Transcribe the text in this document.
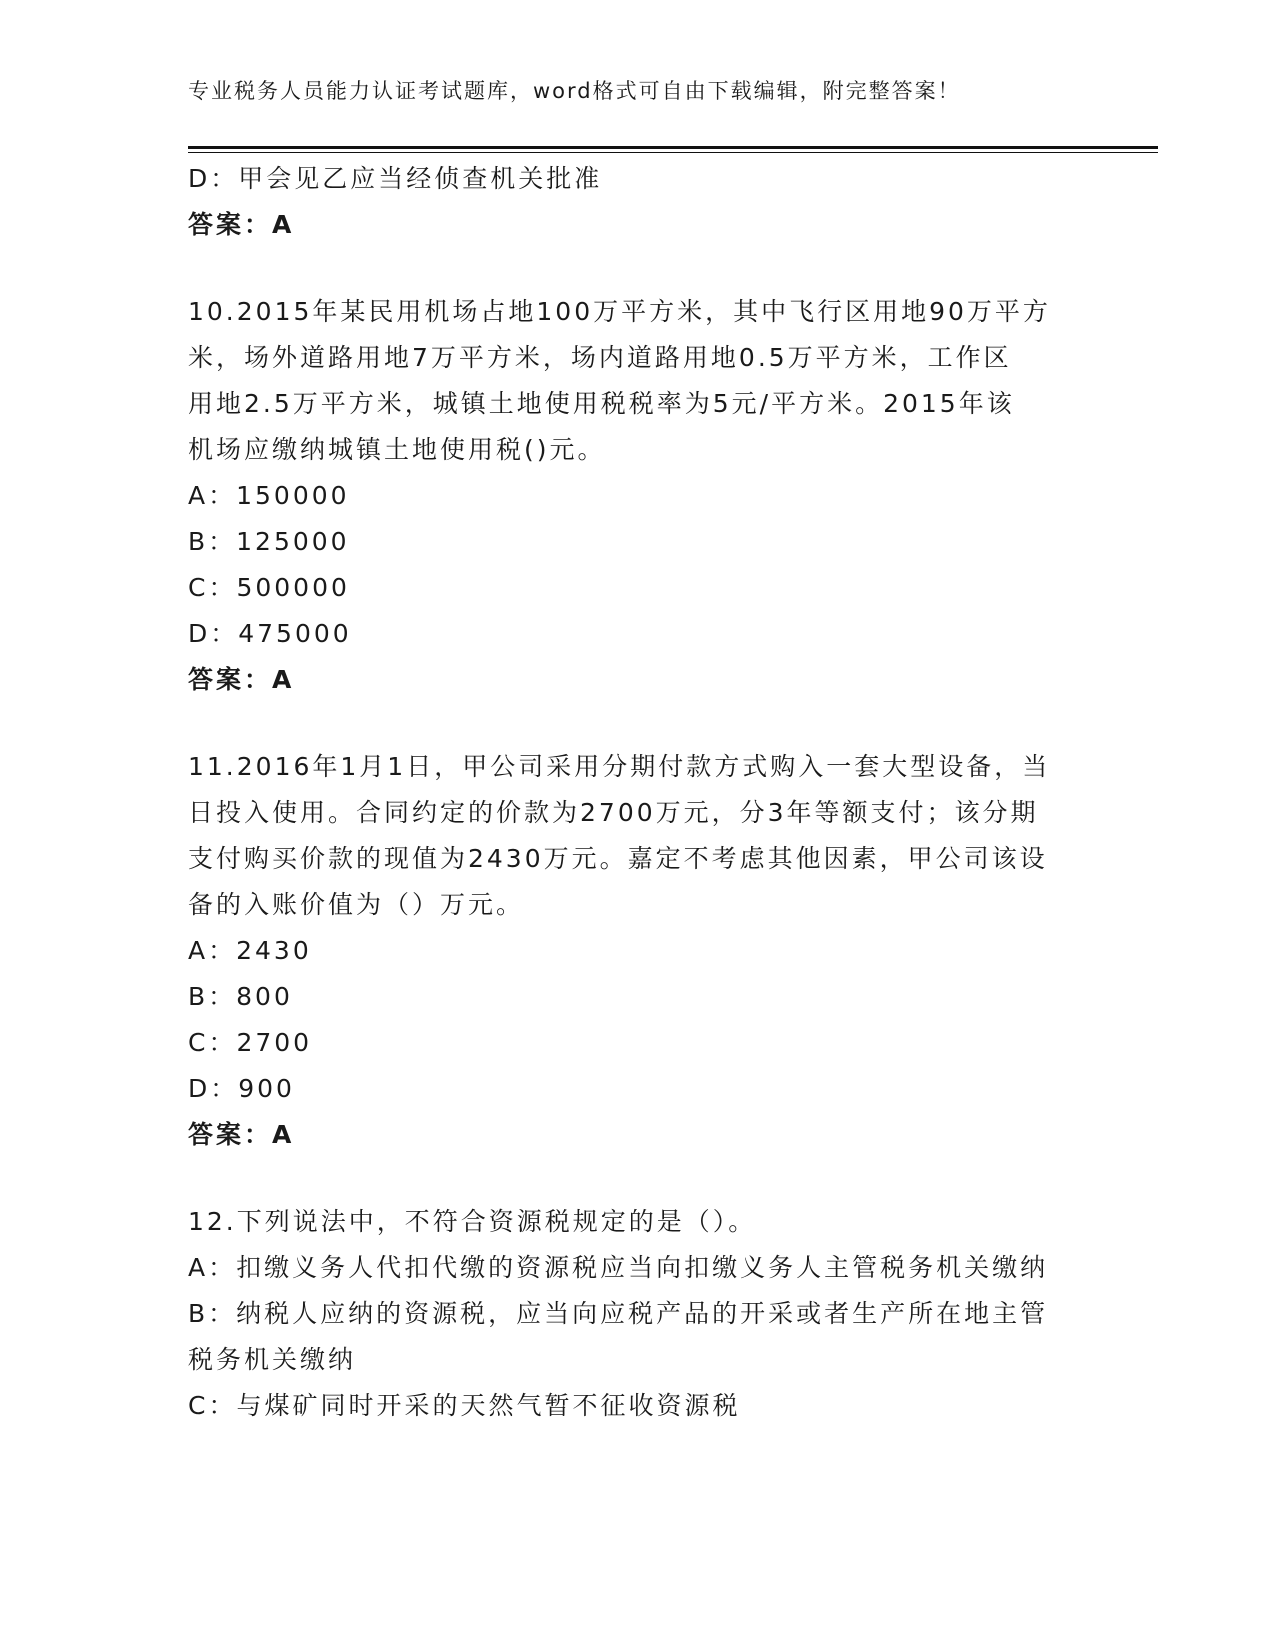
专业税务人员能力认证考试题库，word格式可自由下载编辑，附完整答案！
D：甲会见乙应当经侦查机关批准
答案：A
10.2015年某民用机场占地100万平方米，其中飞行区用地90万平方
米，场外道路用地7万平方米，场内道路用地0.5万平方米，工作区
用地2.5万平方米，城镇土地使用税税率为5元/平方米。2015年该
机场应缴纳城镇土地使用税()元。
A：150000
B：125000
C：500000
D：475000
答案：A
11.2016年1月1日，甲公司采用分期付款方式购入一套大型设备，当
日投入使用。合同约定的价款为2700万元，分3年等额支付；该分期
支付购买价款的现值为2430万元。嘉定不考虑其他因素，甲公司该设
备的入账价值为（）万元。
A：2430
B：800
C：2700
D：900
答案：A
12.下列说法中，不符合资源税规定的是（）。
A：扣缴义务人代扣代缴的资源税应当向扣缴义务人主管税务机关缴纳
B：纳税人应纳的资源税，应当向应税产品的开采或者生产所在地主管
税务机关缴纳
C：与煤矿同时开采的天然气暂不征收资源税
